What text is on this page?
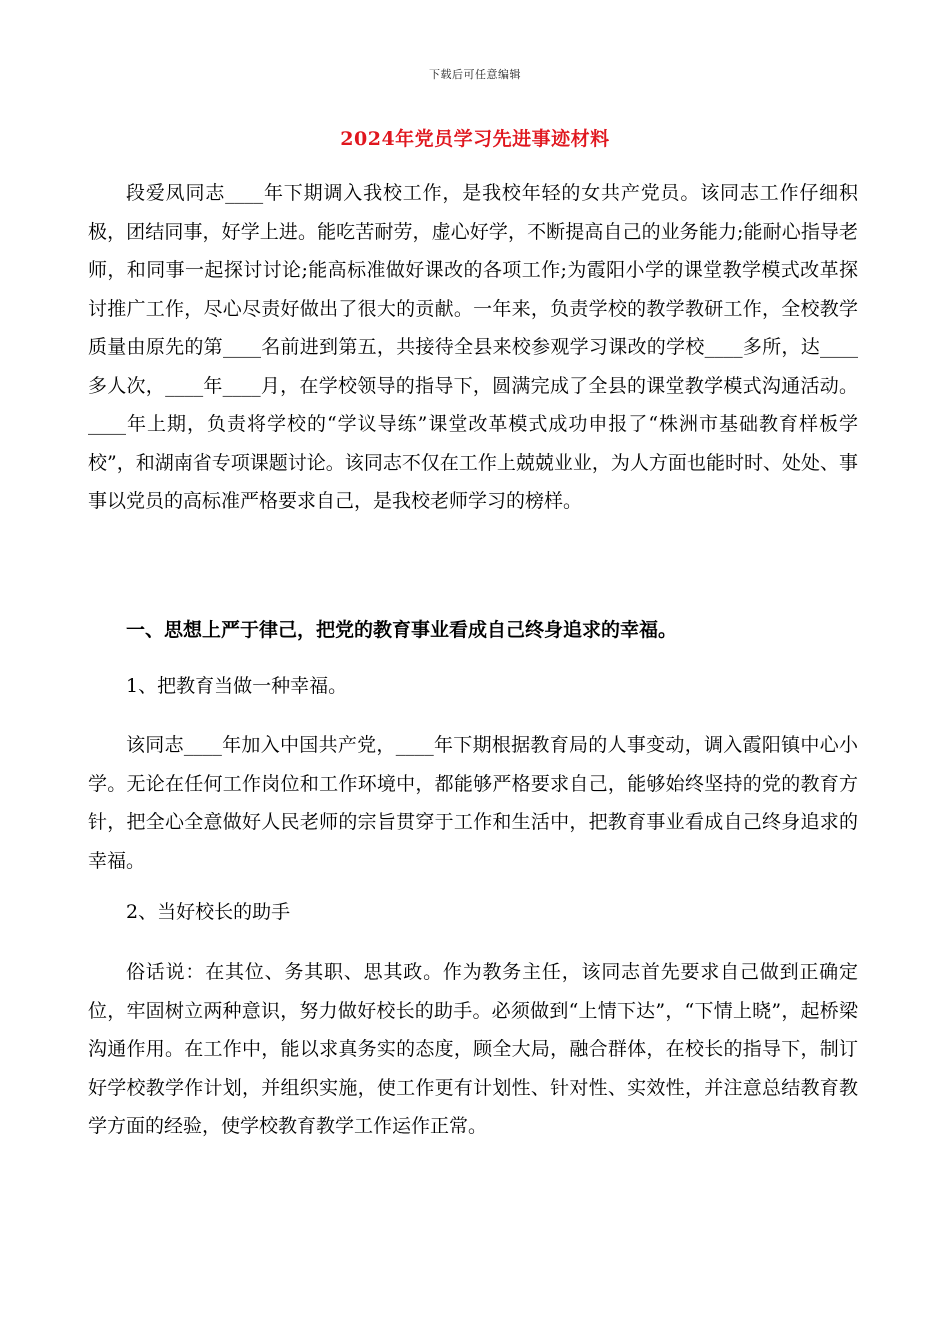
下载后可任意编辑
2024年党员学习先进事迹材料

段爱凤同志____年下期调入我校工作，是我校年轻的女共产党员。该同志工作仔细积极，团结同事，好学上进。能吃苦耐劳，虚心好学，不断提高自己的业务能力;能耐心指导老师，和同事一起探讨讨论;能高标准做好课改的各项工作;为霞阳小学的课堂教学模式改革探讨推广工作，尽心尽责好做出了很大的贡献。一年来，负责学校的教学教研工作，全校教学质量由原先的第____名前进到第五，共接待全县来校参观学习课改的学校____多所，达____多人次，____年____月，在学校领导的指导下，圆满完成了全县的课堂教学模式沟通活动。____年上期，负责将学校的“学议导练”课堂改革模式成功申报了“株洲市基础教育样板学校”，和湖南省专项课题讨论。该同志不仅在工作上兢兢业业，为人方面也能时时、处处、事事以党员的高标准严格要求自己，是我校老师学习的榜样。

一、思想上严于律己，把党的教育事业看成自己终身追求的幸福。

1、把教育当做一种幸福。

该同志____年加入中国共产党，____年下期根据教育局的人事变动，调入霞阳镇中心小学。无论在任何工作岗位和工作环境中，都能够严格要求自己，能够始终坚持的党的教育方针，把全心全意做好人民老师的宗旨贯穿于工作和生活中，把教育事业看成自己终身追求的幸福。

2、当好校长的助手

俗话说：在其位、务其职、思其政。作为教务主任，该同志首先要求自己做到正确定位，牢固树立两种意识，努力做好校长的助手。必须做到“上情下达”，“下情上晓”，起桥梁沟通作用。在工作中，能以求真务实的态度，顾全大局，融合群体，在校长的指导下，制订好学校教学作计划，并组织实施，使工作更有计划性、针对性、实效性，并注意总结教育教学方面的经验，使学校教育教学工作运作正常。
